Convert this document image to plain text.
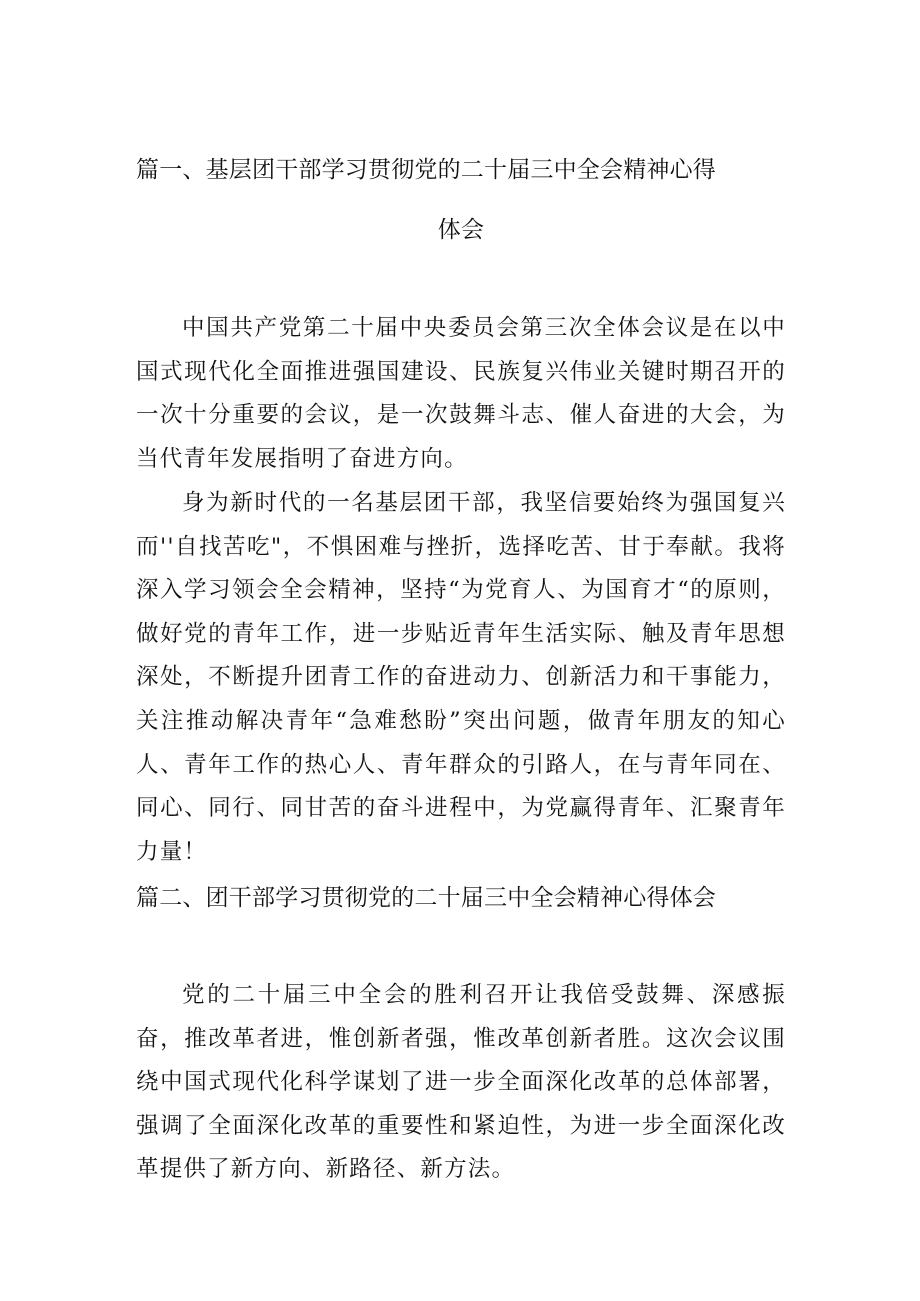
篇一、基层团干部学习贯彻党的二十届三中全会精神心得
体会

中国共产党第二十届中央委员会第三次全体会议是在以中国式现代化全面推进强国建设、民族复兴伟业关键时期召开的一次十分重要的会议，是一次鼓舞斗志、催人奋进的大会，为当代青年发展指明了奋进方向。

身为新时代的一名基层团干部，我坚信要始终为强国复兴而''自找苦吃"，不惧困难与挫折，选择吃苦、甘于奉献。我将深入学习领会全会精神，坚持“为党育人、为国育才“的原则，做好党的青年工作，进一步贴近青年生活实际、触及青年思想深处，不断提升团青工作的奋进动力、创新活力和干事能力，关注推动解决青年“急难愁盼”突出问题，做青年朋友的知心人、青年工作的热心人、青年群众的引路人，在与青年同在、同心、同行、同甘苦的奋斗进程中，为党赢得青年、汇聚青年力量！

篇二、团干部学习贯彻党的二十届三中全会精神心得体会

党的二十届三中全会的胜利召开让我倍受鼓舞、深感振奋，推改革者进，惟创新者强，惟改革创新者胜。这次会议围绕中国式现代化科学谋划了进一步全面深化改革的总体部署，强调了全面深化改革的重要性和紧迫性，为进一步全面深化改革提供了新方向、新路径、新方法。
